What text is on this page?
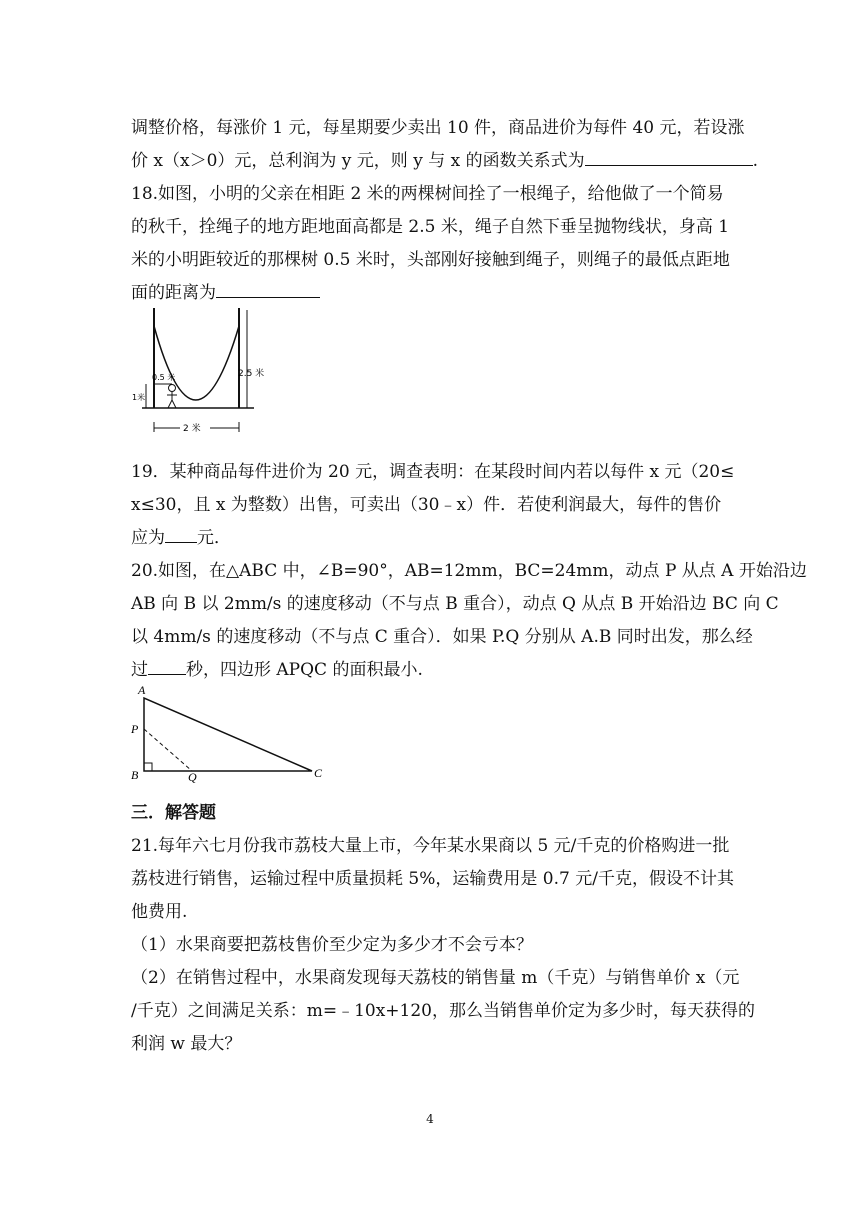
调整价格，每涨价 1 元，每星期要少卖出 10 件，商品进价为每件 40 元，若设涨
价 x（x＞0）元，总利润为 y 元，则 y 与 x 的函数关系式为	.
18.如图，小明的父亲在相距 2 米的两棵树间拴了一根绳子，给他做了一个简易
的秋千，拴绳子的地方距地面高都是 2.5 米，绳子自然下垂呈抛物线状，身高 1
米的小明距较近的那棵树 0.5 米时，头部刚好接触到绳子，则绳子的最低点距地
面的距离为
0.5 米
1米
2.5 米
2 米
19．某种商品每件进价为 20 元，调查表明：在某段时间内若以每件 x 元（20≤
x≤30，且 x 为整数）出售，可卖出（30﹣x）件．若使利润最大，每件的售价
应为 元．
20.如图，在△ABC 中，∠B=90°，AB=12mm，BC=24mm，动点 P 从点 A 开始沿边
AB 向 B 以 2mm/s 的速度移动（不与点 B 重合），动点 Q 从点 B 开始沿边 BC 向 C
以 4mm/s 的速度移动（不与点 C 重合）．如果 P.Q 分别从 A.B 同时出发，那么经
过 秒，四边形 APQC 的面积最小.
A
P
B	Q	C
三．解答题
21.每年六七月份我市荔枝大量上市，今年某水果商以 5 元/千克的价格购进一批
荔枝进行销售，运输过程中质量损耗 5%，运输费用是 0.7 元/千克，假设不计其
他费用.
（1）水果商要把荔枝售价至少定为多少才不会亏本？
（2）在销售过程中，水果商发现每天荔枝的销售量 m（千克）与销售单价 x（元
/千克）之间满足关系：m=﹣10x+120，那么当销售单价定为多少时，每天获得的
利润 w 最大？
4
